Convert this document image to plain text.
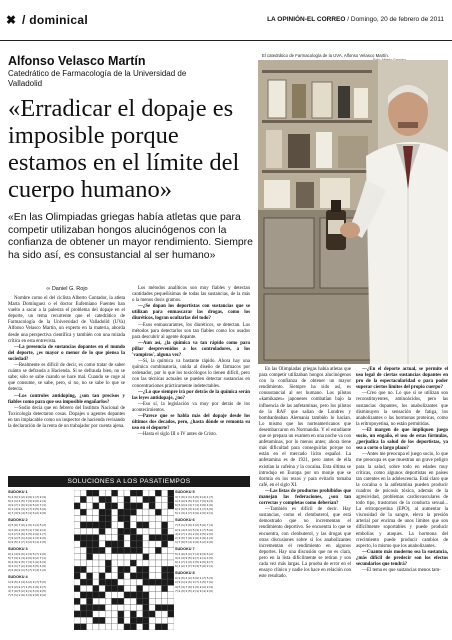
✖ / dominical	LA OPINIÓN-EL CORREO / Domingo, 20 de febrero de 2011
Alfonso Velasco Martín
Catedrático de Farmacología de la Universidad de Valladolid
«Erradicar el dopaje es imposible porque estamos en el límite del cuerpo humano»
«En las Olimpiadas griegas había atletas que para competir utilizaban hongos alucinógenos con la confianza de obtener un mayor rendimiento. Siempre ha sido así, es consustancial al ser humano»
El catedrático de Farmacología de la UVA, Alfonso Velasco Martín.
∞ Daniel G. Rojo

Nombre como el del ciclista Alberto Contador, la atleta Marta Domínguez o el doctor Eufemiano Fuentes han vuelto a sacar a la palestra el problema del dopaje en el deporte, un tema recurrente que el catedrático de Farmacología de la Universidad de Valladolid (UVa) Alfonso Velasco Martín, un experto en la materia, aborda desde una perspectiva científica y también con una mirada crítica en esta entrevista.

—La presencia de sustancias dopantes en el mundo del deporte, ¿es mayor o menor de lo que piensa la sociedad?

—Realmente es difícil de decir, es como tratar de saber cuánto se defrauda a Hacienda. Si se defrauda bien, no se sabe; sólo se sabe cuando se hace mal. Cuando se coge al que consume, se sabe, pero, si no, no se sabe lo que se detecta.

—Los controles antidoping, ¿son tan precisos y fiables como para que sea imposible engañarlos?

—Sodio decía que en febrero del Instituto Nacional de Toxicología detectaron cosas. Dopajes o agentes dopantes en tan implacable como un inspector de hacienda revisando la declaración de la renta de un trabajador por cuenta ajena.

Los métodos analíticos son muy fiables y detectan cantidades pequeñísimas de todas las sustancias, de la más o la menos dosis gramos.

—¿Se dopan los deportistas con sustancias que se utilizan para enmascarar las drogas, como los diuréticos, logran ocultarlas del todo?

—Esos enmascarantes, los diuréticos, se detectan. Los métodos para detectarlos son tan fiables como los usados para descubrir al agente dopante.

—Aun así, ¿la química va tan rápido como para pillar desprevenidos a los controladores, a los 'vampiros', alguna vez?

—Sí, la química va bastante rápido. Ahora hay una química combinatoria, unida al diseño de fármacos por ordenador, por lo que los toxicólogos lo tienen difícil, pero con las técnicas actuales se pueden detectar sustancias en concentraciones prácticamente indetectables.

—¿Lo que siempre irá por detrás de la química serán las leyes antidopaje, ¿no?

—Eso sí, la legislación va muy por detrás de los acontecimientos.

—Parece que se habla más del dopaje desde los últimos dos decados, pero, ¿hasta dónde se remonta su uso en el deporte?

—Hasta el siglo III o IV antes de Cristo.

En las Olimpiadas griegas había atletas que para competir utilizaban hongos alucinógenos con la confianza de obtener un mayor rendimiento. Siempre ha sido así, es consustancial al ser humano. Los pilotos «kamikazes» japoneses combatían bajo la influencia de las anfetaminas, pero los pilotos de la RAF que salían de Londres y bombardeaban Alemania también lo hacían. Lo mismo que los norteamericanos que desembarcaron en Normandía. Y el estudiante que se prepara un examen en una noche va con anfetaminas, por lo menos antes; ahora tiene más dificultad para conseguirlas porque no están en el mercado lícito español. La anfetamina es de 1921, pero antes de ella existían la cafeína y la cocaína. Esta última se introdujo en Europa por un monje que se dormía en los rezos y para evitarlo tomaba café, en el siglo XI.

—Las listas de productos prohibidos que manejan las federaciones, ¿son tan correctas y completas como deberían?

—También es difícil de decir. Hay sustancias, como el clembuterol, que está demostrado que no incrementan el rendimiento deportivo. Se encuentra lo que se encuentra, con clenbuterol, y las drogas que otras discusiones sobre si los anabolizantes incrementan el rendimiento en algunos deportes. Hay una discusión que no es clara, pero en la lista difícilmente se retiran y son cada vez más largas. La prueba de error en el ensayo clínico y nadie los hace en relación con este resultado.

—¿En el deporte actual, se permite el uso legal de ciertas sustancias dopantes en pro de la espectacularidad o para poder superar ciertos límites del propio cuerpo?

—Creo que no. Lo que sí se utilizan son reconstituyentes, aminoácidos, pero las sustancias dopantes, los anabolizantes que disminuyen la sensación de fatiga, los anabolizantes o las hormonas proteicas, como la eritropoyetina, no están permitidas.

—El margen de que impliquen juego sucio, un engaño, el uso de estas fórmulas, ¿perjudica la salud de los deportistas, ya sea a corto o largo plazo?

—Antes me preocupa el juego sucio, lo que me preocupa es que muestran un grave peligro para la salud, sobre todo en edades muy críticas, como algunos deportistas en países tan carentes en la adolescencia. Está claro que la cocaína o la anfetamina pueden producir cuadros de psicosis tóxica, además de la agresividad, problemas cardiovasculares de todo tipo, trastornos de la conducta sexual... La eritropoyetina (EPO), al aumentar la viscosidad de la sangre, eleva la presión arterial por encima de unos límites que son difícilmente soportables y puede producir embolias y ataques. La hormona del crecimiento puede producir cambios de aspecto, lo mismo que los anabolizantes.

—Cuanto más moderno sea la sustancia, ¿más difícil de predecir son los efectos secundarios que tendrá?

—El tema es que sustancias menos tam-

SOLUCIONES A LOS PASATIEMPOS
SUDOKU 1
5|4|6|3|2|8|9|1|7|8|3|
9|2|1|4|5|7|3|8|6|2|4|
3|8|7|1|6|9|4|5|2|7|1|
6|1|4|8|3|2|7|9|5|6|8|
8|7|3|9|4|5|1|6|2|3|9|
SUDOKU 2
2|5|9|7|8|1|6|3|4|5|2|
4|6|8|2|3|5|1|7|9|8|4|
1|3|7|6|9|4|5|2|8|1|7|
7|9|2|5|1|6|8|4|3|9|6|
6|8|5|4|7|3|2|9|1|4|5|
SUDOKU 3
8|1|4|9|6|2|3|5|7|2|8|
5|7|3|1|4|8|6|9|2|7|1|
9|2|6|3|5|7|4|1|8|6|3|
3|4|1|7|2|9|8|6|5|4|9|
2|6|9|8|1|5|7|3|4|1|2|
SUDOKU 4
1|9|5|4|3|6|2|8|7|5|6|
6|3|2|8|7|1|5|4|9|3|7|
4|7|8|5|2|9|1|6|3|8|5|
7|5|1|2|9|4|3|8|6|9|2|
SUDOKU 5
3|7|9|2|1|6|5|8|4|1|7|
1|4|8|9|5|3|2|7|6|9|3|
6|5|2|8|4|7|1|3|9|4|8|
9|2|6|5|3|8|4|1|7|6|5|
5|1|3|4|7|9|8|2|6|3|1|
SUDOKU 6
7|6|1|3|9|4|2|5|8|7|4|
8|9|4|6|2|5|3|1|7|5|8|
4|8|7|1|6|2|9|3|5|2|6|
2|3|5|7|8|1|6|4|9|1|3|
1|7|9|5|4|3|8|6|2|8|9|
SUDOKU 7
5|2|8|6|1|7|4|9|3|6|2|
3|6|4|9|5|8|7|2|1|4|5|
9|1|7|2|3|4|5|8|6|9|7|
6|4|2|1|7|9|3|5|8|2|1|
SUDOKU 8
8|3|5|4|2|6|9|1|7|5|3|
2|9|1|8|6|3|7|4|5|7|8|
4|5|3|7|9|1|6|8|2|3|4|
7|8|6|3|5|2|1|9|4|8|6|
